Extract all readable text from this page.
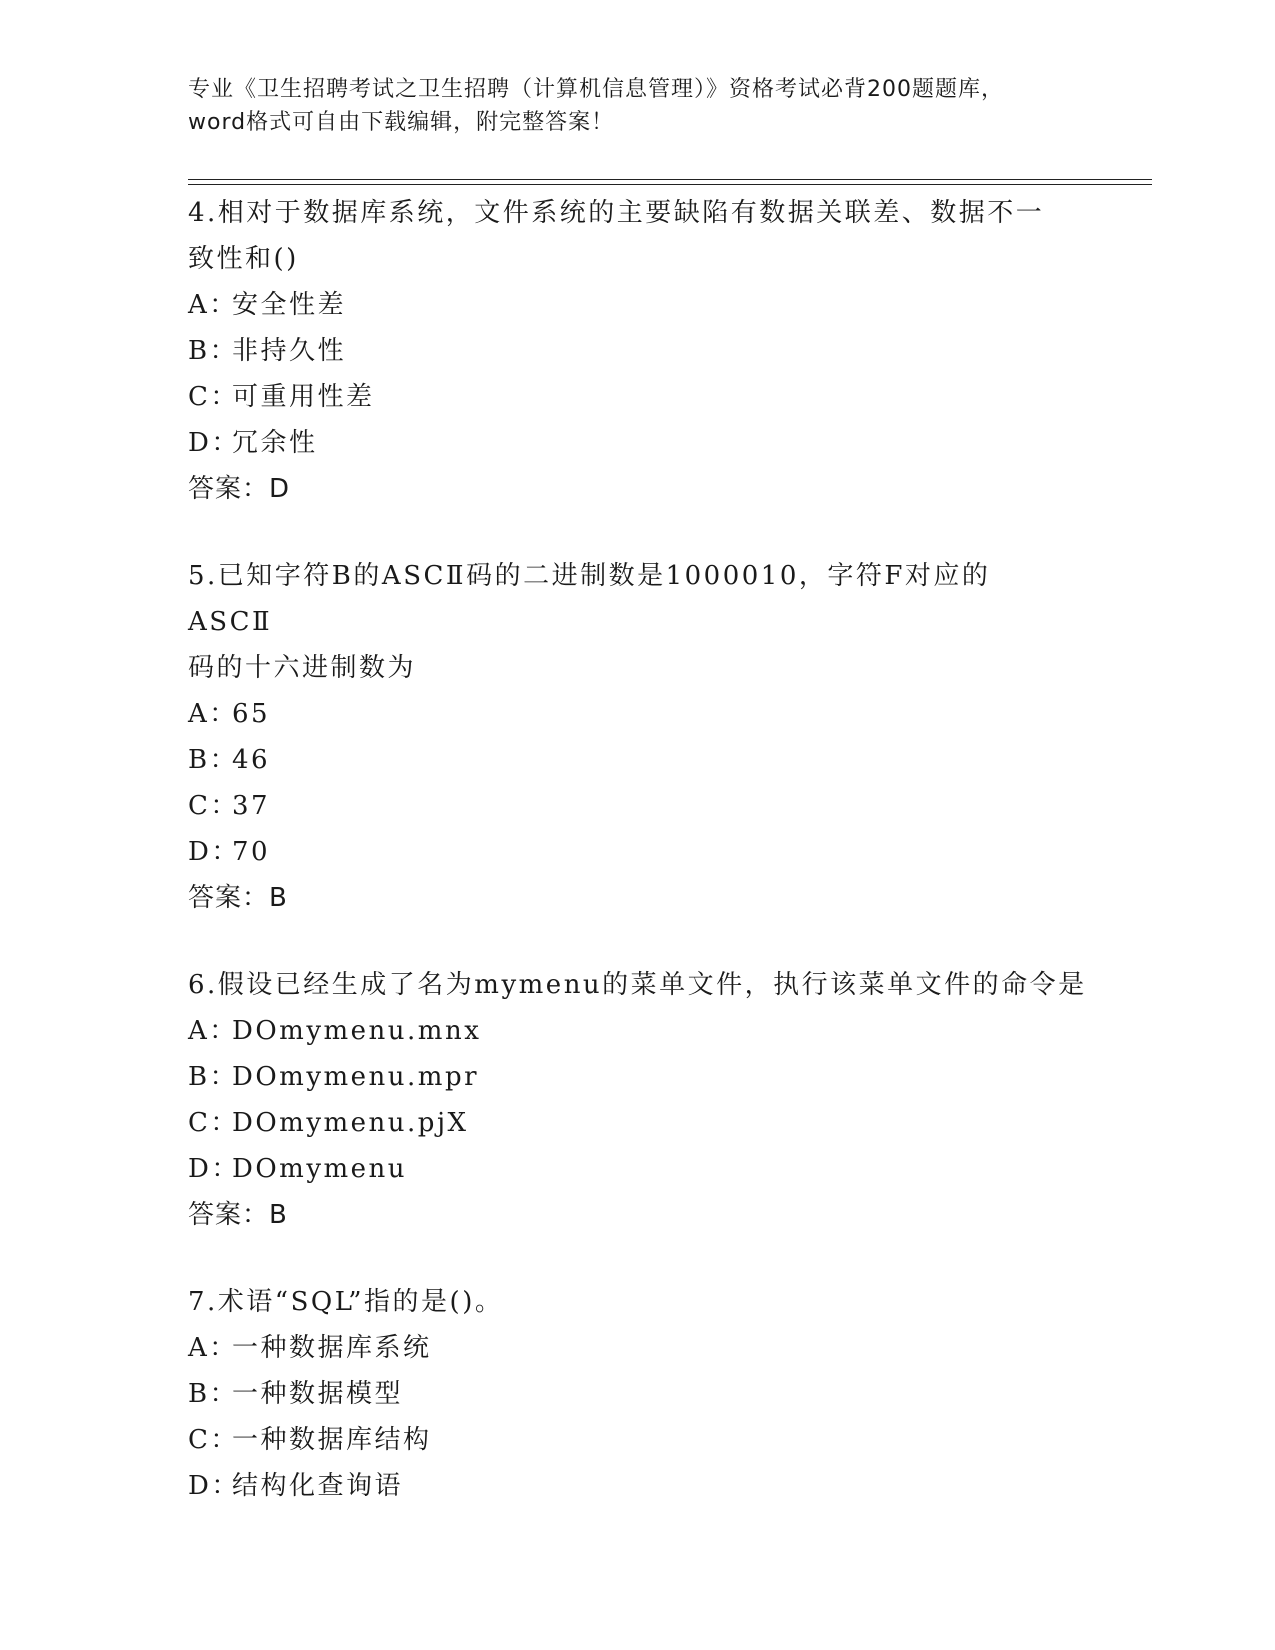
专业《卫生招聘考试之卫生招聘（计算机信息管理）》资格考试必背200题题库，
word格式可自由下载编辑，附完整答案！
4.相对于数据库系统，文件系统的主要缺陷有数据关联差、数据不一
致性和()
A：安全性差
B：非持久性
C：可重用性差
D：冗余性
答案：D
5.已知字符B的ASCⅡ码的二进制数是1000010，字符F对应的ASCⅡ
码的十六进制数为
A：65
B：46
C：37
D：70
答案：B
6.假设已经生成了名为mymenu的菜单文件，执行该菜单文件的命令是
A：DOmymenu.mnx
B：DOmymenu.mpr
C：DOmymenu.pjX
D：DOmymenu
答案：B
7.术语“SQL”指的是()。
A：一种数据库系统
B：一种数据模型
C：一种数据库结构
D：结构化查询语
